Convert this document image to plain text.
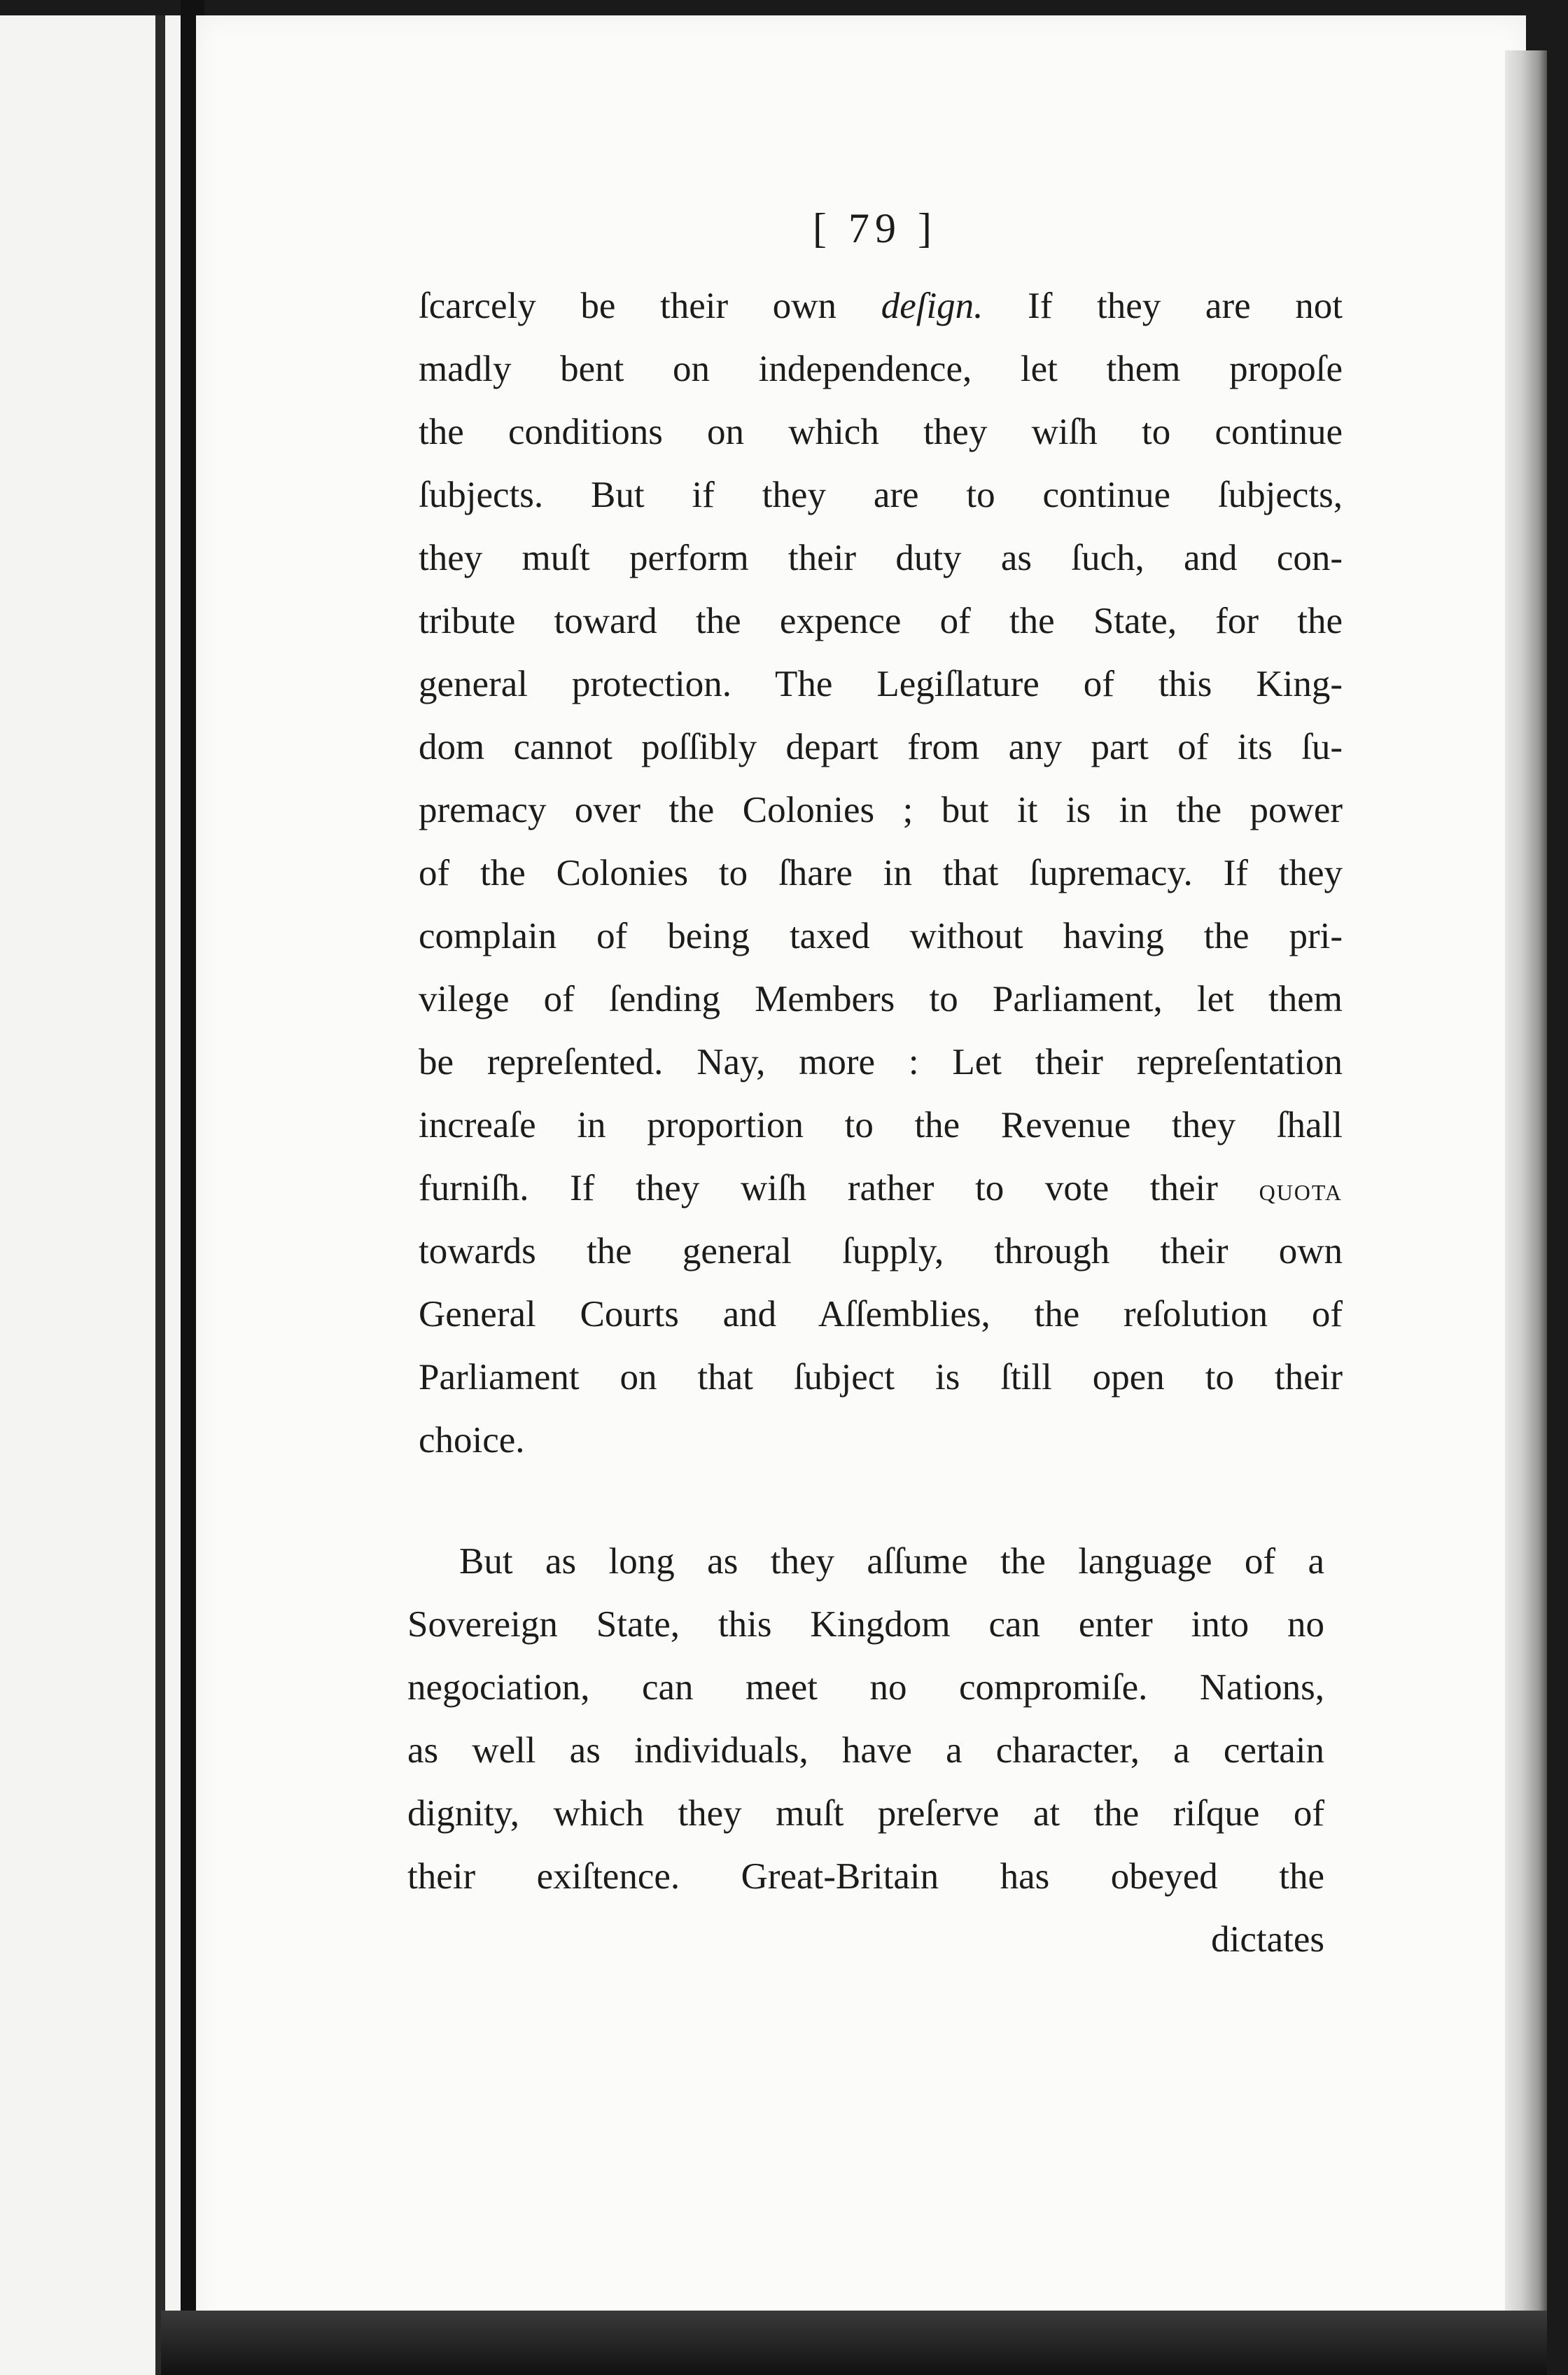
[ 79 ]
ſcarcely be their own deſign. If they are not
madly bent on independence, let them propoſe
the conditions on which they wiſh to continue
ſubjects. But if they are to continue ſubjects,
they muſt perform their duty as ſuch, and con-
tribute toward the expence of the State, for the
general protection. The Legiſlature of this King-
dom cannot poſſibly depart from any part of its ſu-
premacy over the Colonies ; but it is in the power
of the Colonies to ſhare in that ſupremacy. If they
complain of being taxed without having the pri-
vilege of ſending Members to Parliament, let them
be repreſented. Nay, more : Let their repreſentation
increaſe in proportion to the Revenue they ſhall
furniſh. If they wiſh rather to vote their quota
towards the general ſupply, through their own
General Courts and Aſſemblies, the reſolution of
Parliament on that ſubject is ſtill open to their
choice.
But as long as they aſſume the language of a
Sovereign State, this Kingdom can enter into no
negociation, can meet no compromiſe. Nations,
as well as individuals, have a character, a certain
dignity, which they muſt preſerve at the riſque of
their exiſtence. Great-Britain has obeyed the
dictates
